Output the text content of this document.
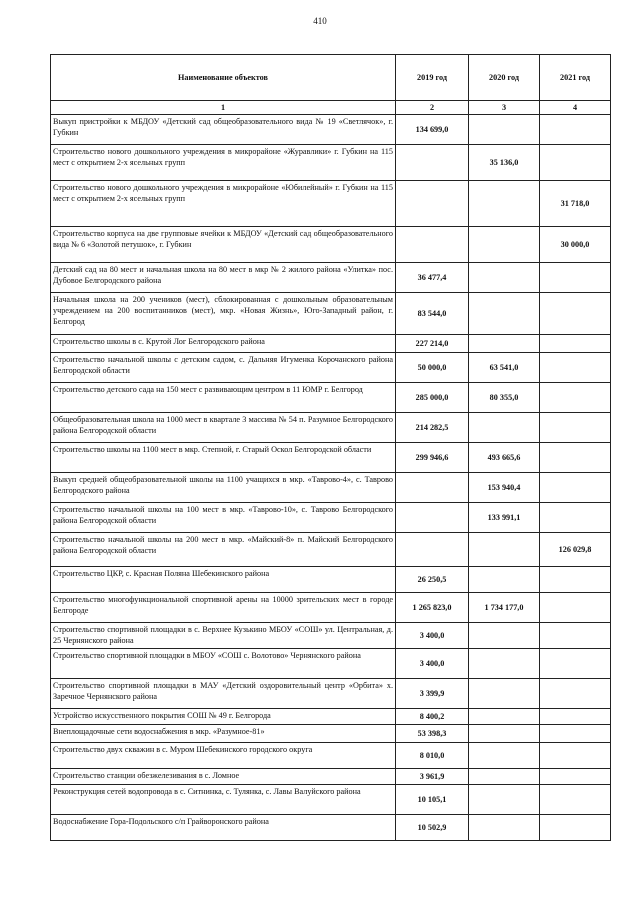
410
Наименование объектов	2019 год	2020 год	2021 год
1	2	3	4
Выкуп пристройки к МБДОУ «Детский сад общеобразовательного вида № 19 «Светлячок», г. Губкин	134 699,0		
Строительство нового дошкольного учреждения в микрорайоне «Журавлики» г. Губкин на 115 мест с открытием 2-х ясельных групп		35 136,0	
Строительство нового дошкольного учреждения в микрорайоне «Юбилейный» г. Губкин на 115 мест с открытием 2-х ясельных групп			31 718,0
Строительство корпуса на две групповые ячейки к МБДОУ «Детский сад общеобразовательного вида № 6 «Золотой петушок», г. Губкин			30 000,0
Детский сад на 80 мест и начальная школа на 80 мест в мкр № 2 жилого района «Улитка» пос. Дубовое Белгородского района	36 477,4		
Начальная школа на 200 учеников (мест), сблокированная с дошкольным образовательным учреждением на 200 воспитанников (мест), мкр. «Новая Жизнь», Юго-Западный район, г. Белгород	83 544,0		
Строительство школы в с. Крутой Лог Белгородского района	227 214,0		
Строительство начальной школы с детским садом, с. Дальняя Игуменка Корочанского района Белгородской области	50 000,0	63 541,0	
Строительство детского сада на 150 мест с развивающим центром в 11 ЮМР г. Белгород	285 000,0	80 355,0	
Общеобразовательная школа на 1000 мест в квартале 3 массива № 54 п. Разумное Белгородского района Белгородской области	214 282,5		
Строительство школы на 1100 мест в мкр. Степной, г. Старый Оскол Белгородской области	299 946,6	493 665,6	
Выкуп средней общеобразовательной школы на 1100 учащихся в мкр. «Таврово-4», с. Таврово Белгородского района		153 940,4	
Строительство начальной школы на 100 мест в мкр. «Таврово-10», с. Таврово Белгородского района Белгородской области		133 991,1	
Строительство начальной школы на 200 мест в мкр. «Майский-8» п. Майский Белгородского района Белгородской области			126 029,8
Строительство ЦКР, с. Красная Поляна Шебекинского района	26 250,5		
Строительство многофункциональной спортивной арены на 10000 зрительских мест в городе Белгороде	1 265 823,0	1 734 177,0	
Строительство спортивной площадки в с. Верхнее Кузькино МБОУ «СОШ» ул. Центральная, д. 25 Чернянского района	3 400,0		
Строительство спортивной площадки в МБОУ «СОШ с. Волотово» Чернянского района	3 400,0		
Строительство спортивной площадки в МАУ «Детский оздоровительный центр «Орбита» х. Заречное Чернянского района	3 399,9		
Устройство искусственного покрытия СОШ № 49 г. Белгорода	8 400,2		
Внеплощадочные сети водоснабжения в мкр. «Разумное-81»	53 398,3		
Строительство двух скважин в с. Муром Шебекинского городского округа	8 010,0		
Строительство станции обезжелезивания в с. Ломное	3 961,9		
Реконструкция сетей водопровода в с. Ситнинка, с. Тулянка, с. Лавы Валуйского района	10 105,1		
Водоснабжение Гора-Подольского с/п Грайворонского района	10 502,9		
